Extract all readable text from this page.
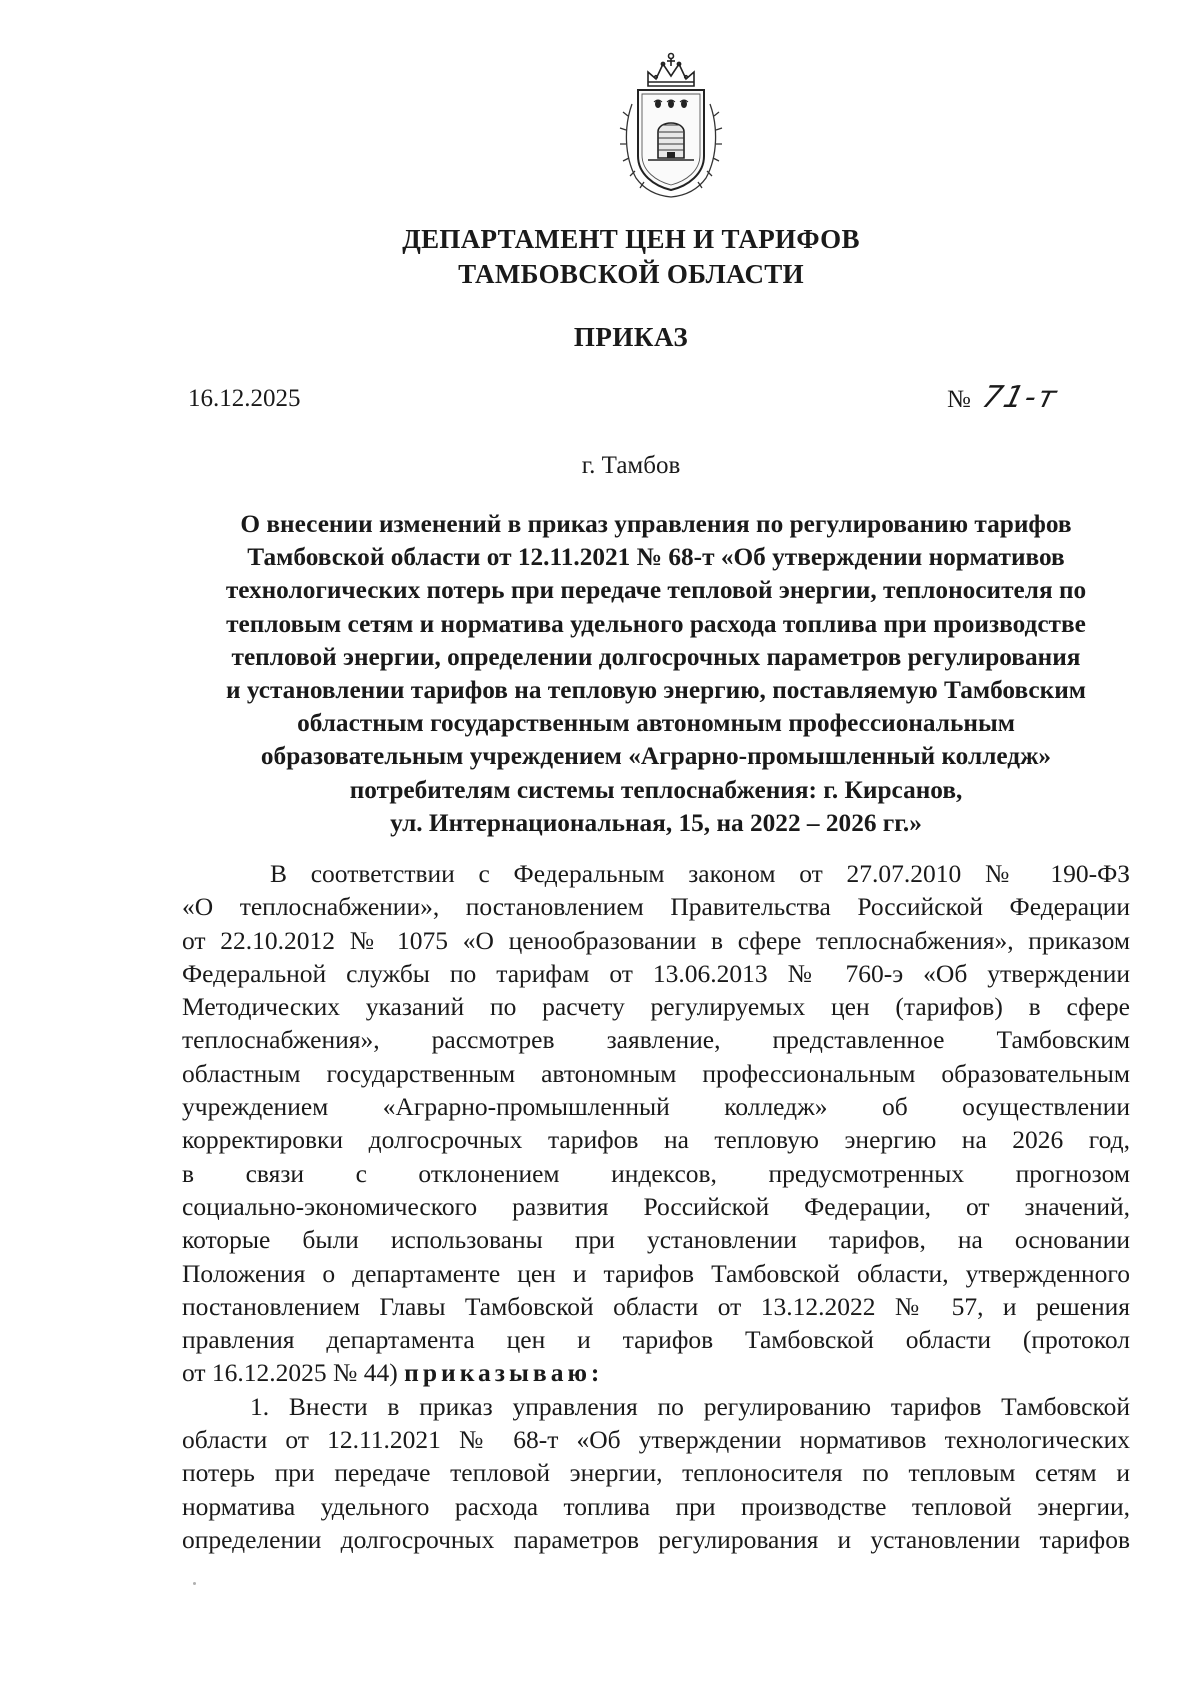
ДЕПАРТАМЕНТ ЦЕН И ТАРИФОВ
ТАМБОВСКОЙ ОБЛАСТИ
ПРИКАЗ
16.12.2025	№ 71-т
г. Тамбов
О внесении изменений в приказ управления по регулированию тарифов
Тамбовской области от 12.11.2021 № 68-т «Об утверждении нормативов
технологических потерь при передаче тепловой энергии, теплоносителя по
тепловым сетям и норматива удельного расхода топлива при производстве
тепловой энергии, определении долгосрочных параметров регулирования
и установлении тарифов на тепловую энергию, поставляемую Тамбовским
областным государственным автономным профессиональным
образовательным учреждением «Аграрно-промышленный колледж»
потребителям системы теплоснабжения: г. Кирсанов,
ул. Интернациональная, 15, на 2022 – 2026 гг.»
В соответствии с Федеральным законом от 27.07.2010 № 190-ФЗ
«О теплоснабжении», постановлением Правительства Российской Федерации
от 22.10.2012 № 1075 «О ценообразовании в сфере теплоснабжения», приказом
Федеральной службы по тарифам от 13.06.2013 № 760-э «Об утверждении
Методических указаний по расчету регулируемых цен (тарифов) в сфере
теплоснабжения», рассмотрев заявление, представленное Тамбовским
областным государственным автономным профессиональным образовательным
учреждением «Аграрно-промышленный колледж» об осуществлении
корректировки долгосрочных тарифов на тепловую энергию на 2026 год,
в связи с отклонением индексов, предусмотренных прогнозом
социально-экономического развития Российской Федерации, от значений,
которые были использованы при установлении тарифов, на основании
Положения о департаменте цен и тарифов Тамбовской области, утвержденного
постановлением Главы Тамбовской области от 13.12.2022 № 57, и решения
правления департамента цен и тарифов Тамбовской области (протокол
от 16.12.2025 № 44) приказываю:
1. Внести в приказ управления по регулированию тарифов Тамбовской
области от 12.11.2021 № 68-т «Об утверждении нормативов технологических
потерь при передаче тепловой энергии, теплоносителя по тепловым сетям и
норматива удельного расхода топлива при производстве тепловой энергии,
определении долгосрочных параметров регулирования и установлении тарифов
